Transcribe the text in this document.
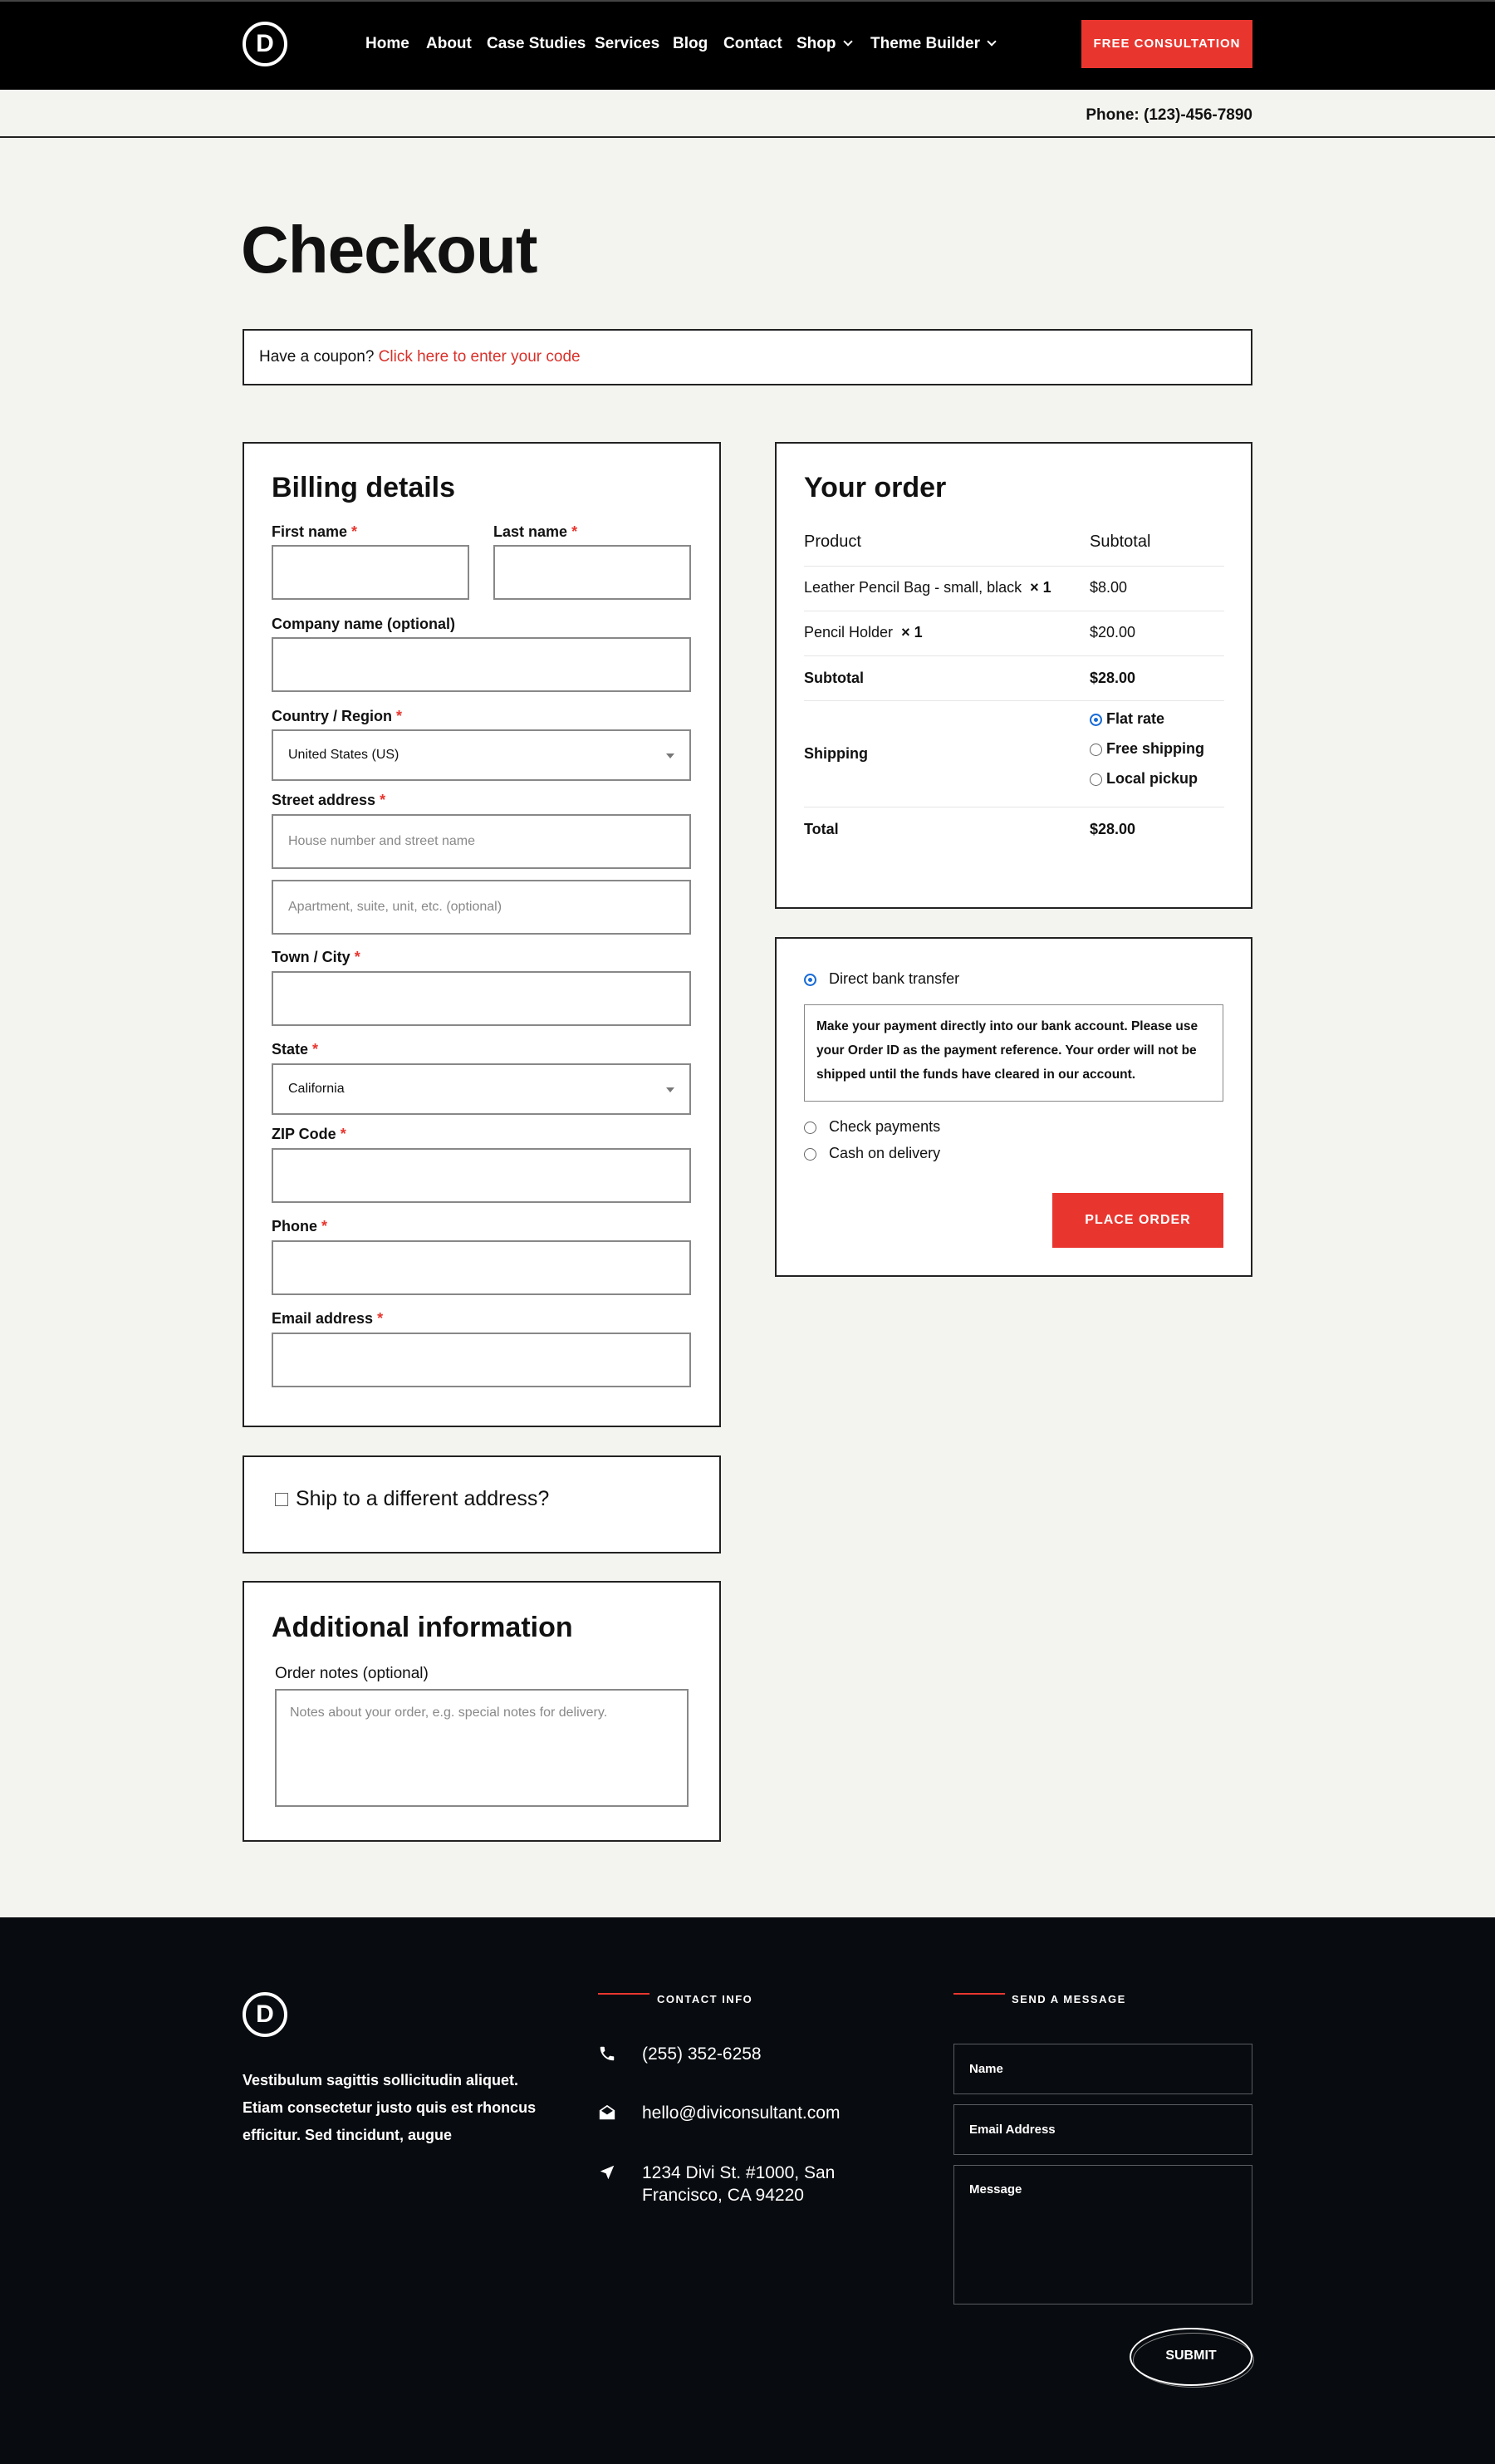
D	Home About Case Studies Services Blog Contact Shop	Theme Builder	FREE CONSULTATION
Phone: (123)-456-7890
Checkout
Have a coupon? Click here to enter your code
Billing details
First name *	Last name *
Company name (optional)
Country / Region *
United States (US)
Street address *
House number and street name
Apartment, suite, unit, etc. (optional)
Town / City *
State *
California
ZIP Code *
Phone *
Email address *
Ship to a different address?
Additional information
Order notes (optional)
Notes about your order, e.g. special notes for delivery.
Your order
Product	Subtotal
Leather Pencil Bag - small, black × 1	$8.00
Pencil Holder × 1	$20.00
Subtotal	$28.00
Shipping
Flat rate
Free shipping
Local pickup
Total	$28.00
Direct bank transfer
Make your payment directly into our bank account. Please use your Order ID as the payment reference. Your order will not be shipped until the funds have cleared in our account.
Check payments
Cash on delivery
PLACE ORDER
D
Vestibulum sagittis sollicitudin aliquet. Etiam consectetur justo quis est rhoncus efficitur. Sed tincidunt, augue
CONTACT INFO
(255) 352-6258
hello@diviconsultant.com
1234 Divi St. #1000, San Francisco, CA 94220
SEND A MESSAGE
Name
Email Address
Message
SUBMIT
